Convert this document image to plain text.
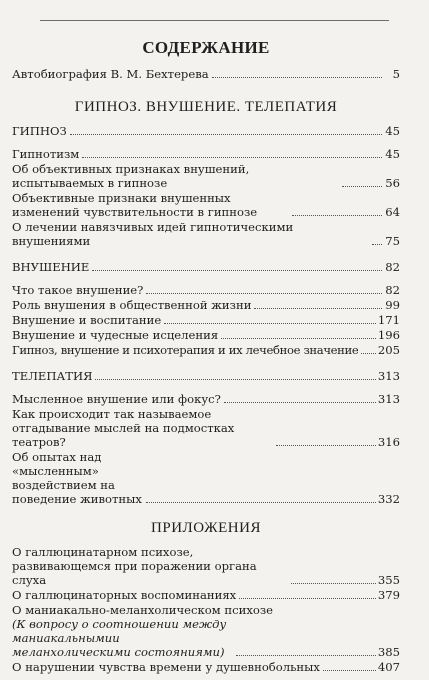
СОДЕРЖАНИЕ
Автобиография В. М. Бехтерева	5
ГИПНОЗ. ВНУШЕНИЕ. ТЕЛЕПАТИЯ
ГИПНОЗ	45
Гипнотизм	45
Об объективных признаках внушений, испытываемых в гипнозе	56
Объективные признаки внушенных изменений чувствительности в гипнозе	64
О лечении навязчивых идей гипнотическими внушениями	75
ВНУШЕНИЕ	82
Что такое внушение?	82
Роль внушения в общественной жизни	99
Внушение и воспитание	171
Внушение и чудесные исцеления	196
Гипноз, внушение и психотерапия и их лечебное значение 205
ТЕЛЕПАТИЯ	313
Мысленное внушение или фокус?	313
Как происходит так называемое отгадывание мыслей на подмостках театров?	316
Об опытах над «мысленным» воздействием на поведение животных	332
ПРИЛОЖЕНИЯ
О галлюцинатарном психозе, развивающемся при поражении органа слуха	355
О галлюцинаторных воспоминаниях	379
О маниакально-меланхолическом психозе
(К вопросу о соотношении между маниакальнымии меланхолическими состояниями)	385
О нарушении чувства времени у душевнобольных	407
